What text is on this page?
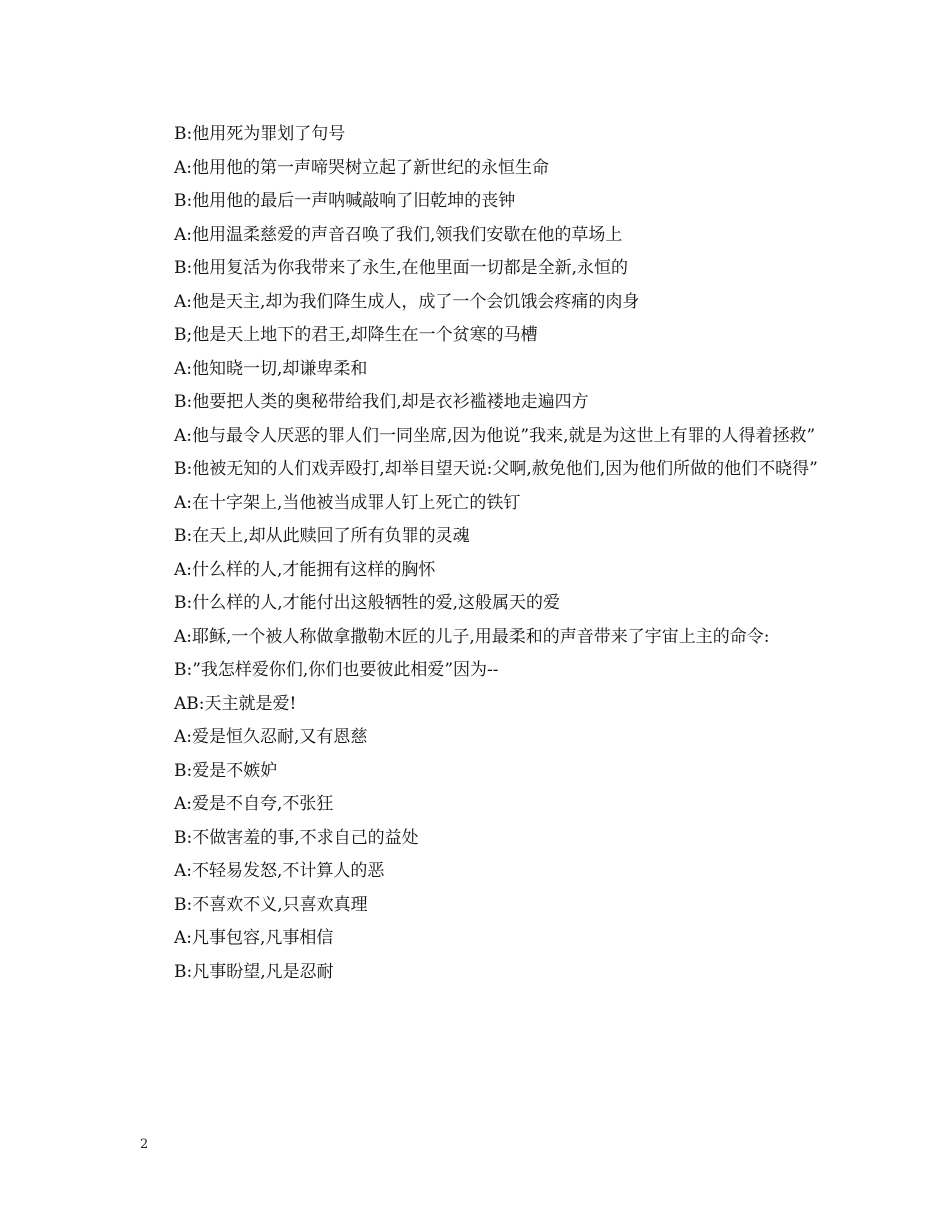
B:他用死为罪划了句号

A:他用他的第一声啼哭树立起了新世纪的永恒生命

B:他用他的最后一声呐喊敲响了旧乾坤的丧钟

A:他用温柔慈爱的声音召唤了我们,领我们安歇在他的草场上

B:他用复活为你我带来了永生,在他里面一切都是全新,永恒的

A:他是天主,却为我们降生成人，成了一个会饥饿会疼痛的肉身

B;他是天上地下的君王,却降生在一个贫寒的马槽

A:他知晓一切,却谦卑柔和

B:他要把人类的奥秘带给我们,却是衣衫褴褛地走遍四方

A:他与最令人厌恶的罪人们一同坐席,因为他说”我来,就是为这世上有罪的人得着拯救”

B:他被无知的人们戏弄殴打,却举目望天说:父啊,赦免他们,因为他们所做的他们不晓得”

A:在十字架上,当他被当成罪人钉上死亡的铁钉

B:在天上,却从此赎回了所有负罪的灵魂

A:什么样的人,才能拥有这样的胸怀

B:什么样的人,才能付出这般牺牲的爱,这般属天的爱

A:耶稣,一个被人称做拿撒勒木匠的儿子,用最柔和的声音带来了宇宙上主的命令:

B:”我怎样爱你们,你们也要彼此相爱”因为--

AB:天主就是爱!

A:爱是恒久忍耐,又有恩慈

B:爱是不嫉妒

A:爱是不自夸,不张狂

B:不做害羞的事,不求自己的益处

A:不轻易发怒,不计算人的恶

B:不喜欢不义,只喜欢真理

A:凡事包容,凡事相信

B:凡事盼望,凡是忍耐

2
